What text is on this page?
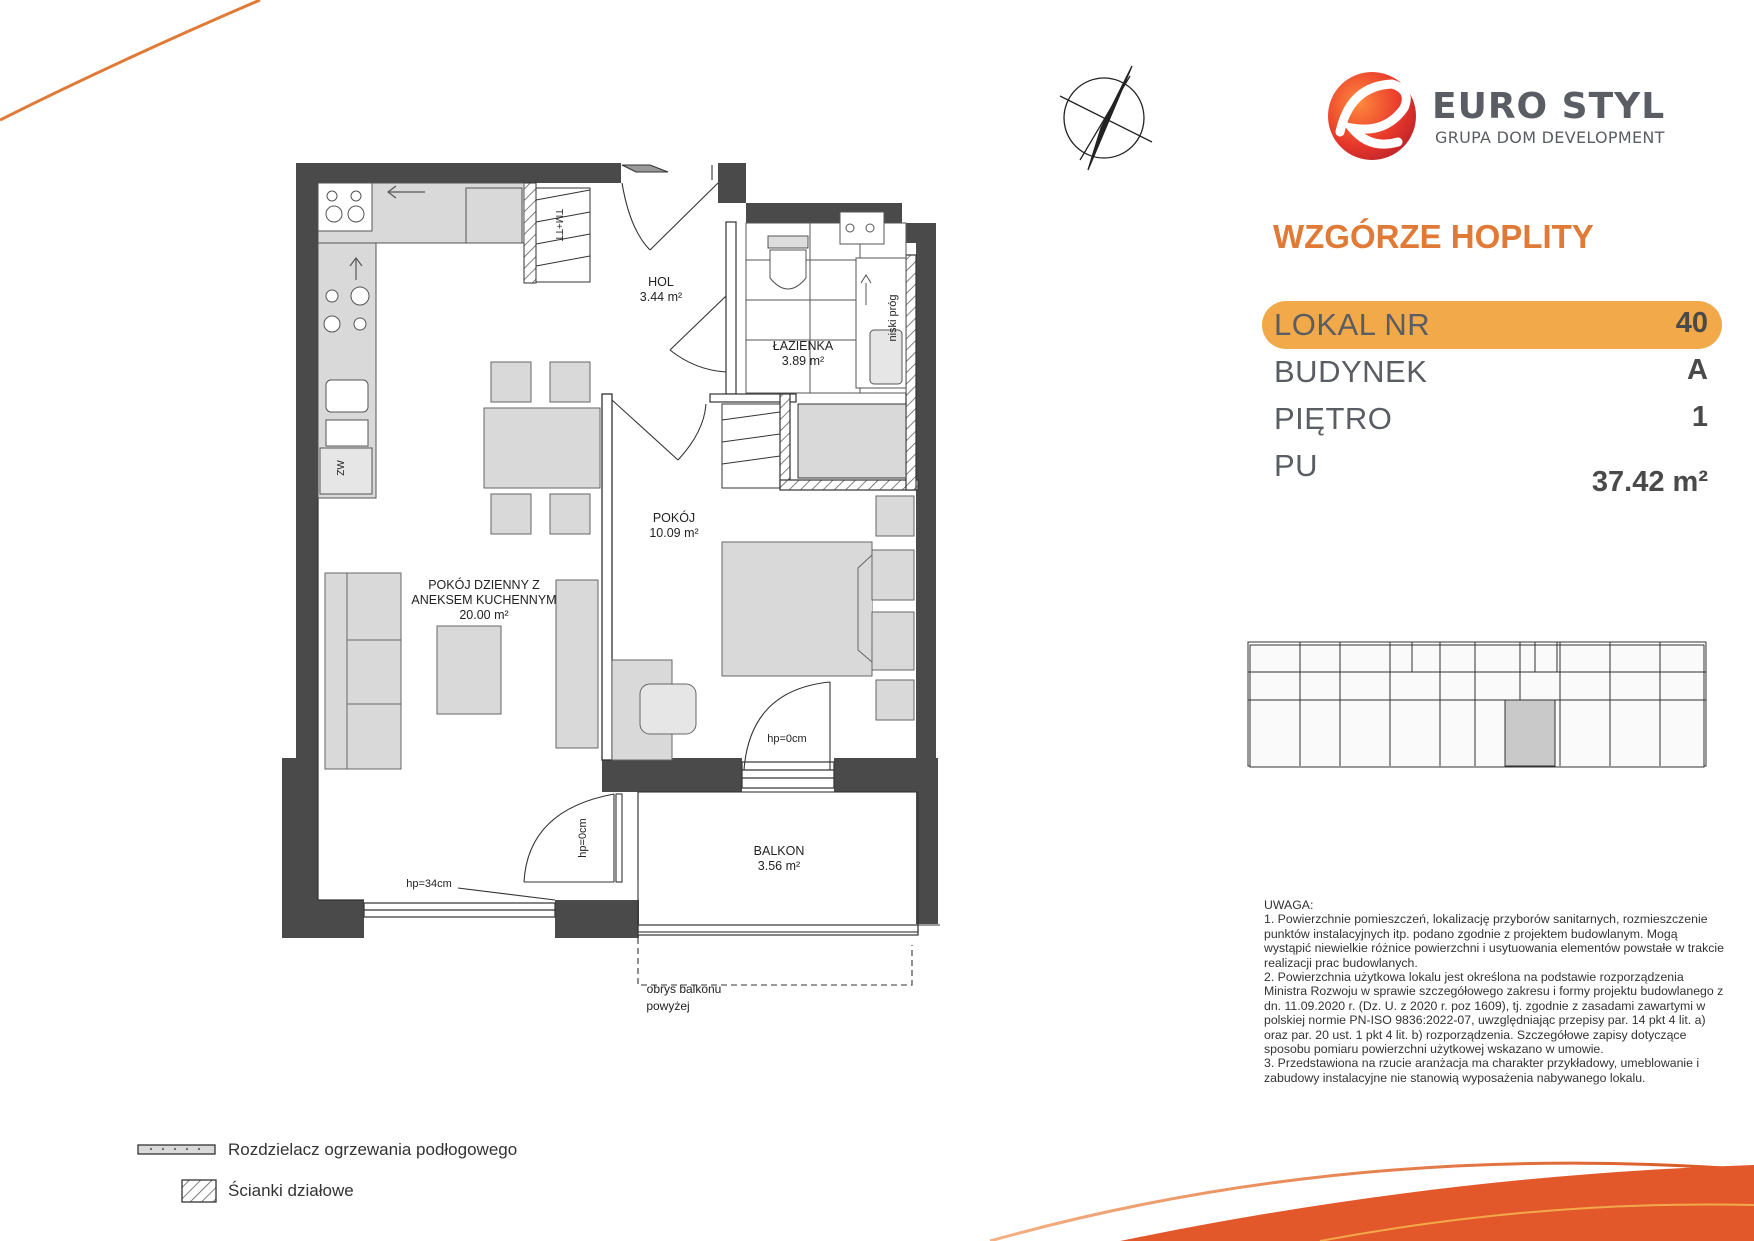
HOL
3.44 m²
ŁAZIENKA
3.89 m²
POKÓJ
10.09 m²
POKÓJ DZIENNY Z
ANEKSEM KUCHENNYM
20.00 m²
BALKON
3.56 m²
hp=34cm
hp=0cm
hp=0cm
niski próg
TM+TT
ZW
obrys balkonu
powyżej
EURO STYL
GRUPA DOM DEVELOPMENT
WZGÓRZE HOPLITY
LOKAL NR	40
BUDYNEK	A
PIĘTRO	1
PU	37.42 m²

UWAGA:

1. Powierzchnie pomieszczeń, lokalizację przyborów sanitarnych, rozmieszczenie punktów instalacyjnych itp. podano zgodnie z projektem budowlanym. Mogą wystąpić niewielkie różnice powierzchni i usytuowania elementów powstałe w trakcie realizacji prac budowlanych.

2. Powierzchnia użytkowa lokalu jest określona na podstawie rozporządzenia Ministra Rozwoju w sprawie szczegółowego zakresu i formy projektu budowlanego z dn. 11.09.2020 r. (Dz. U. z 2020 r. poz 1609), tj. zgodnie z zasadami zawartymi w polskiej normie PN-ISO 9836:2022-07, uwzględniając przepisy par. 14 pkt 4 lit. a) oraz par. 20 ust. 1 pkt 4 lit. b) rozporządzenia. Szczegółowe zapisy dotyczące sposobu pomiaru powierzchni użytkowej wskazano w umowie.

3. Przedstawiona na rzucie aranżacja ma charakter przykładowy, umeblowanie i zabudowy instalacyjne nie stanowią wyposażenia nabywanego lokalu.

Rozdzielacz ogrzewania podłogowego
Ścianki działowe
